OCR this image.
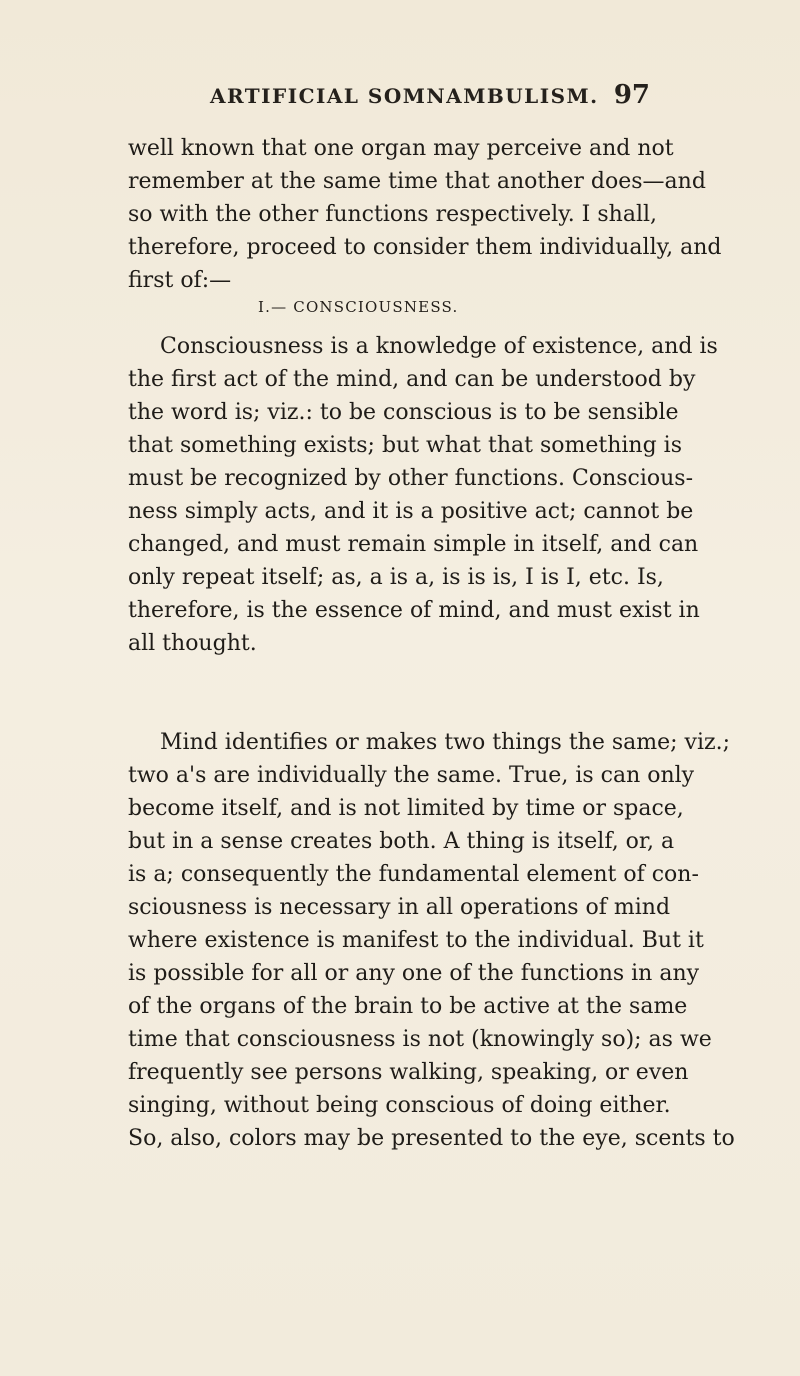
ARTIFICIAL SOMNAMBULISM. 97
well known that one organ may perceive and not
remember at the same time that another does—and
so with the other functions respectively. I shall,
therefore, proceed to consider them individually, and
first of:—
I.— CONSCIOUSNESS.
Consciousness is a knowledge of existence, and is
the first act of the mind, and can be understood by
the word is; viz.: to be conscious is to be sensible
that something exists; but what that something is
must be recognized by other functions. Conscious-
ness simply acts, and it is a positive act; cannot be
changed, and must remain simple in itself, and can
only repeat itself; as, a is a, is is is, I is I, etc. Is,
therefore, is the essence of mind, and must exist in
all thought.
Mind identifies or makes two things the same; viz.;
two a's are individually the same. True, is can only
become itself, and is not limited by time or space,
but in a sense creates both. A thing is itself, or, a
is a; consequently the fundamental element of con-
sciousness is necessary in all operations of mind
where existence is manifest to the individual. But it
is possible for all or any one of the functions in any
of the organs of the brain to be active at the same
time that consciousness is not (knowingly so); as we
frequently see persons walking, speaking, or even
singing, without being conscious of doing either.
So, also, colors may be presented to the eye, scents to
